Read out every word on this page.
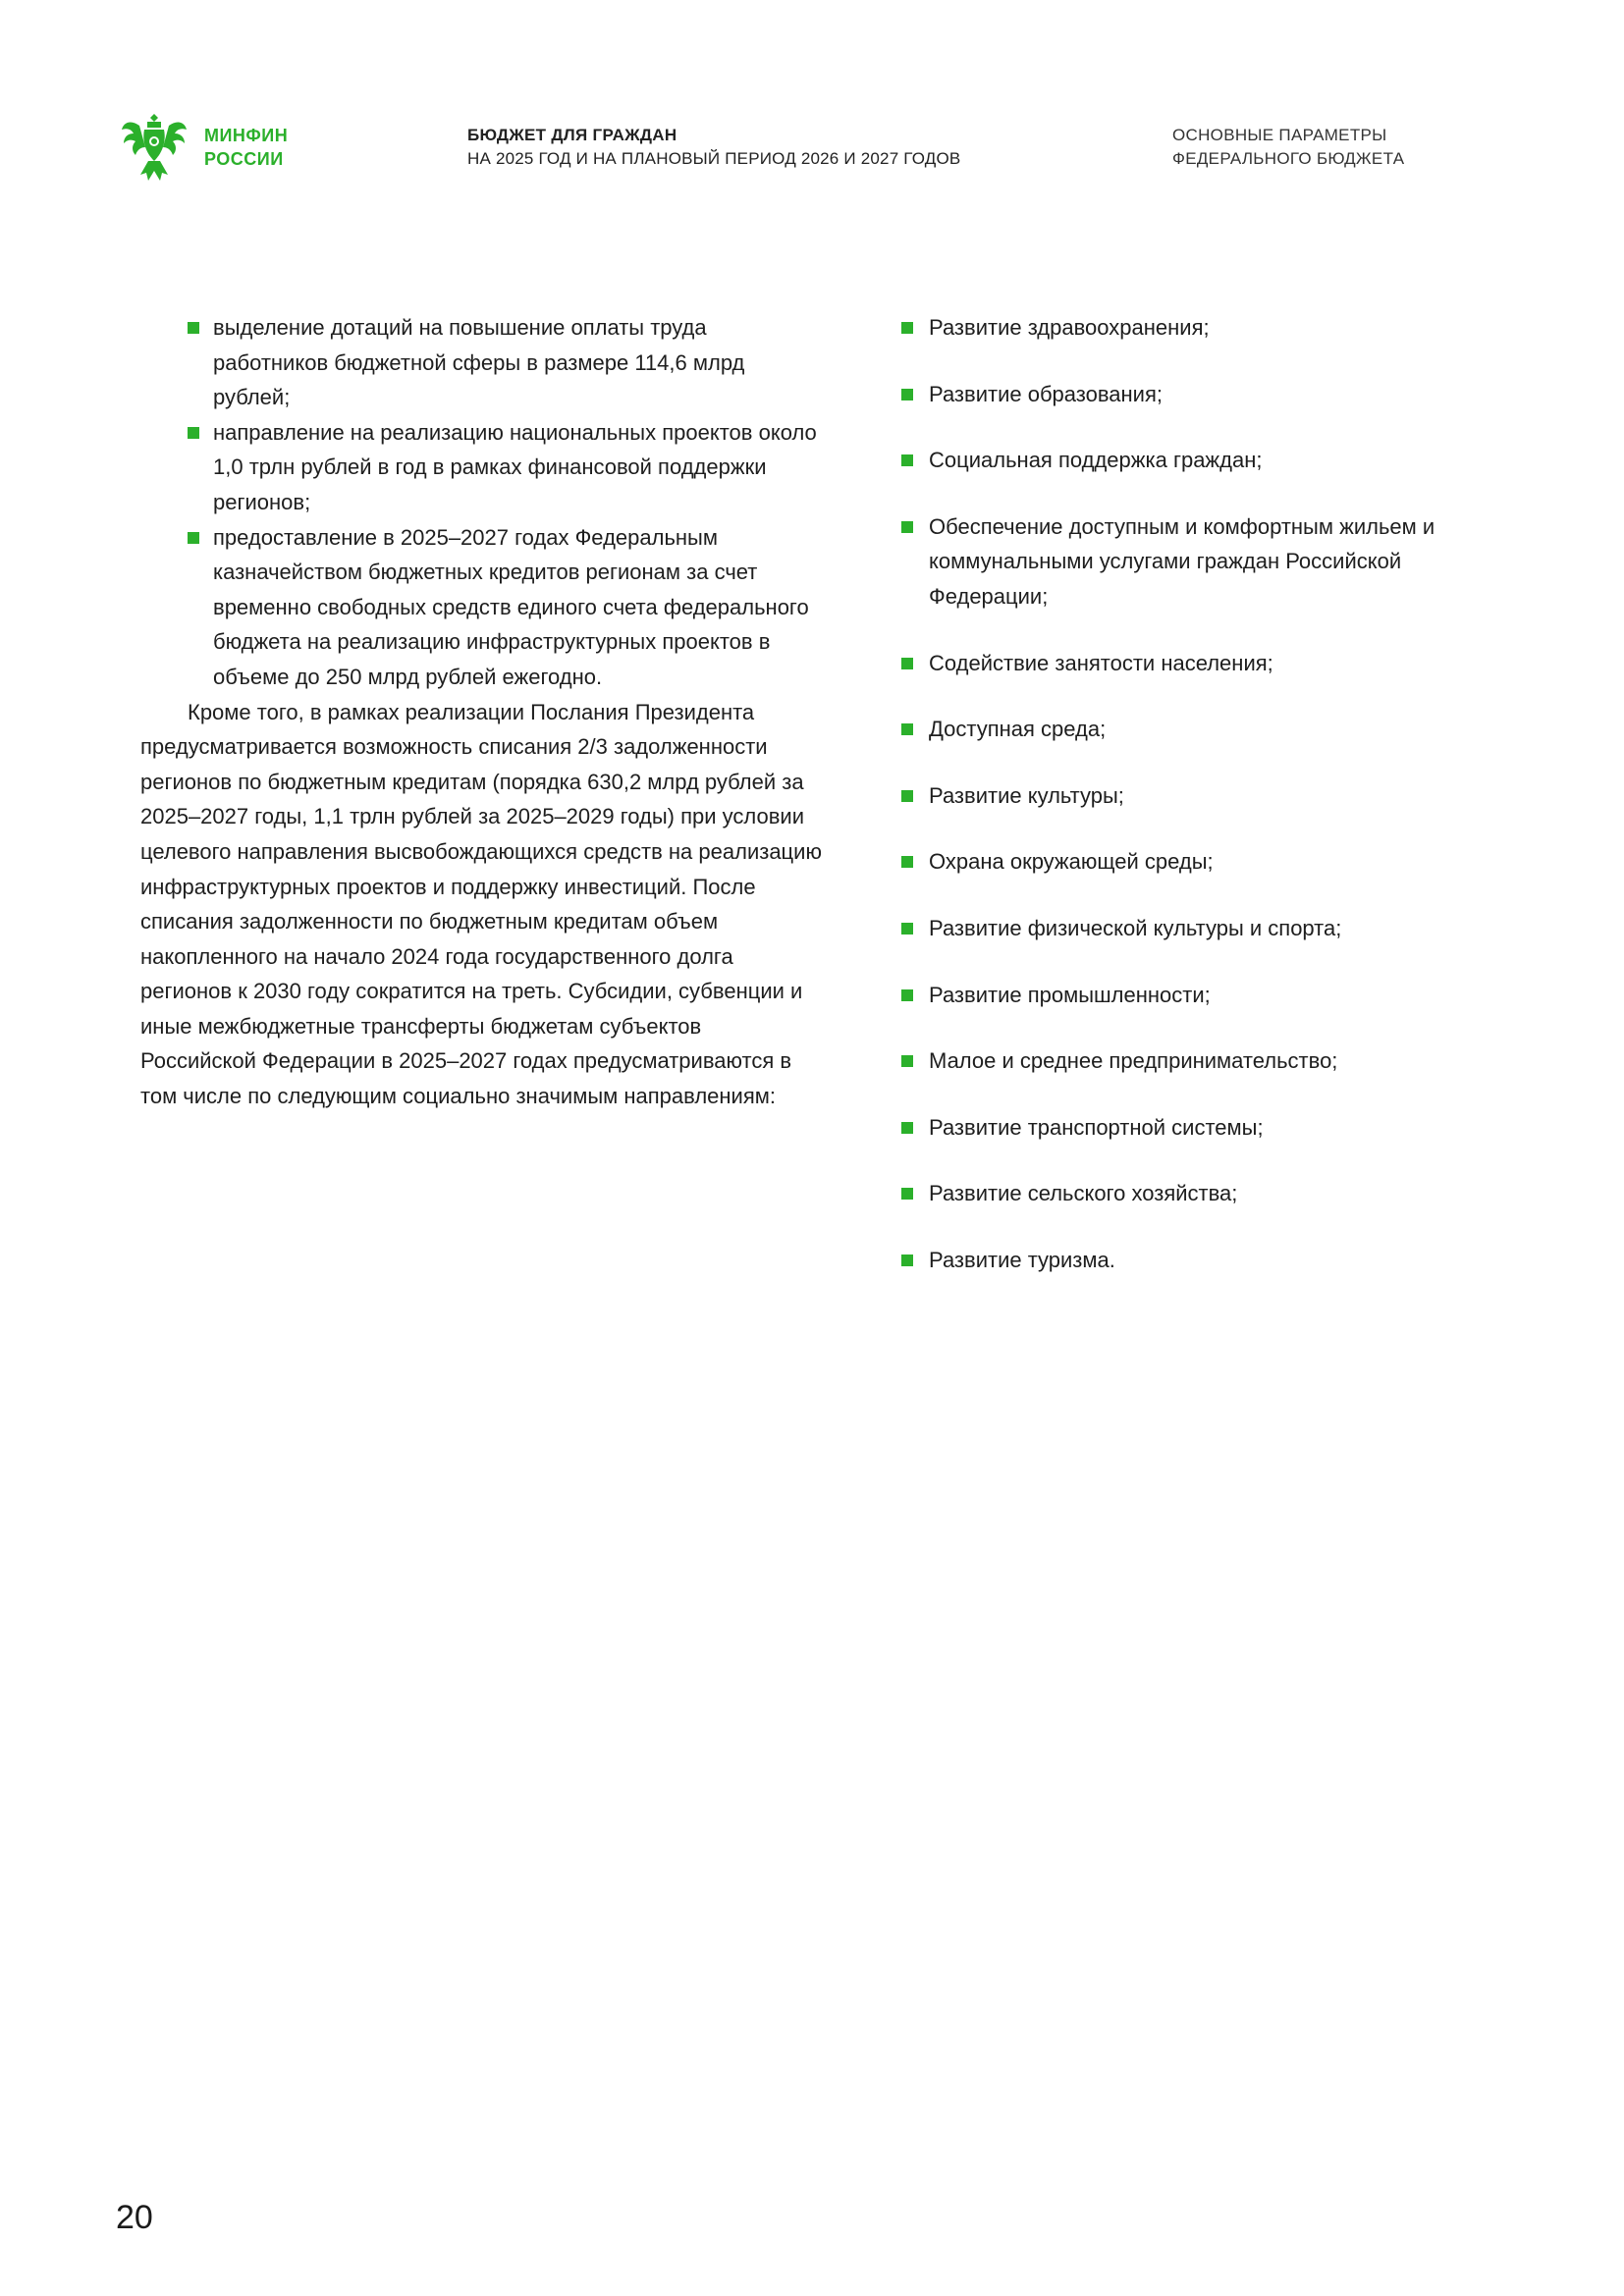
МИНФИН
РОССИИ
БЮДЖЕТ ДЛЯ ГРАЖДАН
НА 2025 ГОД И НА ПЛАНОВЫЙ ПЕРИОД 2026 И 2027 ГОДОВ
ОСНОВНЫЕ ПАРАМЕТРЫ
ФЕДЕРАЛЬНОГО БЮДЖЕТА
выделение дотаций на повышение оплаты труда работников бюджетной сферы в размере 114,6 млрд рублей;
направление на реализацию национальных проектов около 1,0 трлн рублей в год в рамках финансовой поддержки регионов;
предоставление в 2025–2027 годах Федеральным казначейством бюджетных кредитов регионам за счет временно свободных средств единого счета федерального бюджета на реализацию инфраструктурных проектов в объеме до 250 млрд рублей ежегодно.

Кроме того, в рамках реализации Послания Президента предусматривается возможность списания 2/3 задолженности регионов по бюджетным кредитам (порядка 630,2 млрд рублей за 2025–2027 годы, 1,1 трлн рублей за 2025–2029 годы) при условии целевого направления высвобождающихся средств на реализацию инфраструктурных проектов и поддержку инвестиций. После списания задолженности по бюджетным кредитам объем накопленного на начало 2024 года государственного долга регионов к 2030 году сократится на треть. Субсидии, субвенции и иные межбюджетные трансферты бюджетам субъектов Российской Федерации в 2025–2027 годах предусматриваются в том числе по следующим социально значимым направлениям:

Развитие здравоохранения;
Развитие образования;
Социальная поддержка граждан;
Обеспечение доступным и комфортным жильем и коммунальными услугами граждан Российской Федерации;
Содействие занятости населения;
Доступная среда;
Развитие культуры;
Охрана окружающей среды;
Развитие физической культуры и спорта;
Развитие промышленности;
Малое и среднее предпринимательство;
Развитие транспортной системы;
Развитие сельского хозяйства;
Развитие туризма.
20
